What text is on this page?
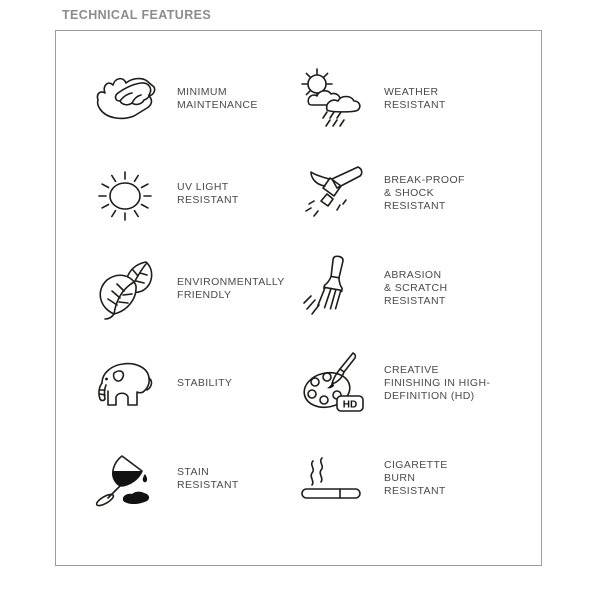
TECHNICAL FEATURES
MINIMUM
MAINTENANCE
WEATHER
RESISTANT
UV LIGHT
RESISTANT
BREAK-PROOF
& SHOCK
RESISTANT
ENVIRONMENTALLY
FRIENDLY
ABRASION
& SCRATCH
RESISTANT
STABILITY
HD
CREATIVE
FINISHING IN HIGH-
DEFINITION (HD)
STAIN
RESISTANT
CIGARETTE
BURN
RESISTANT
